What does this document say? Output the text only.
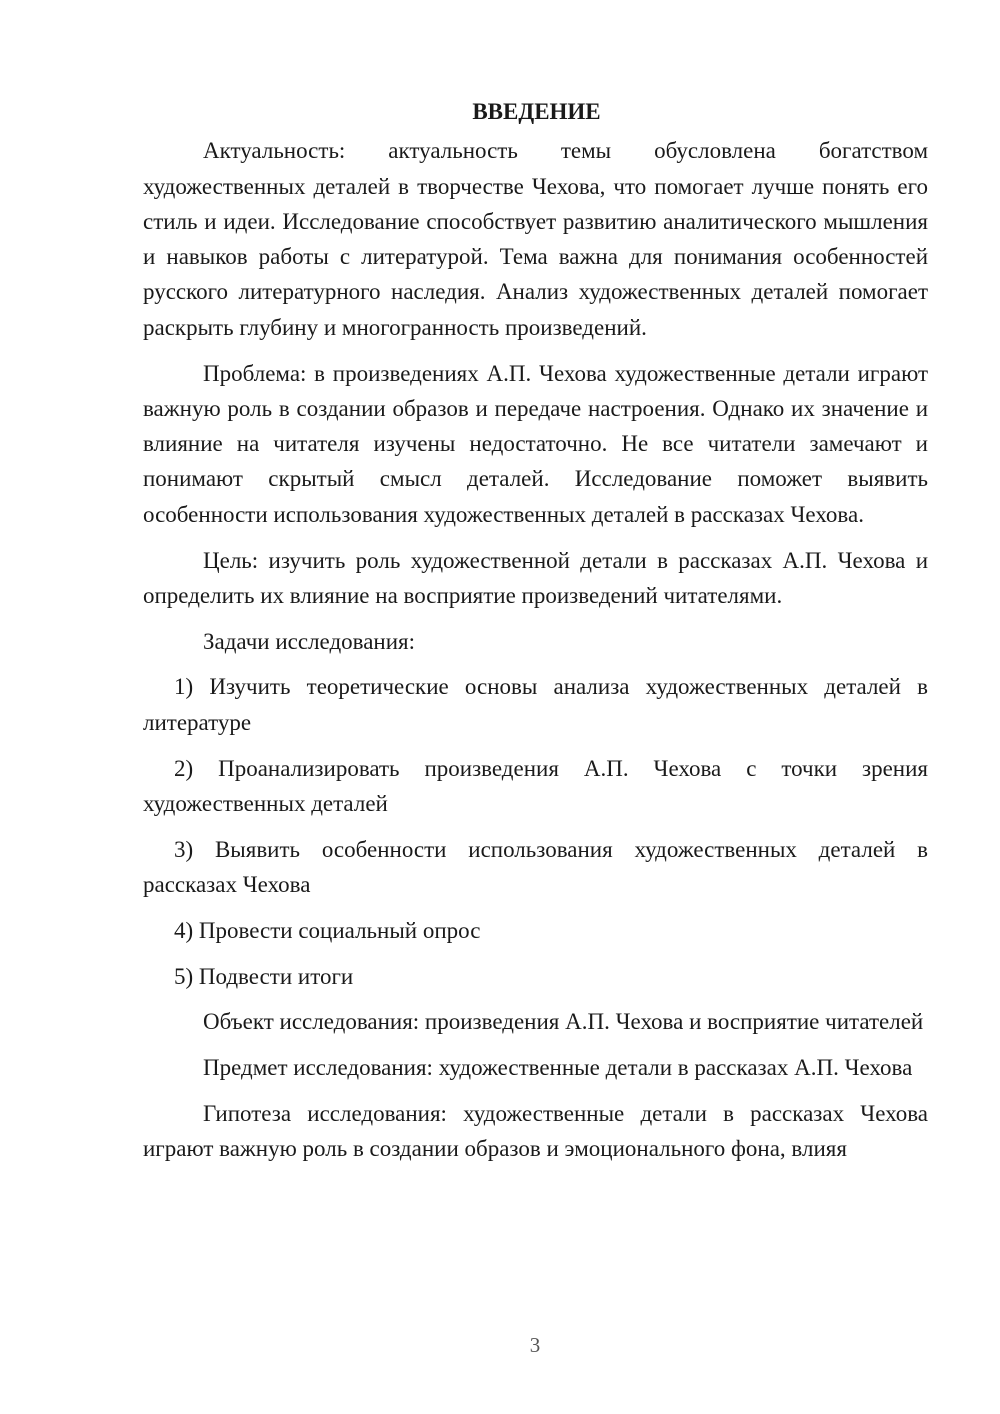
ВВЕДЕНИЕ

Актуальность: актуальность темы обусловлена богатством художественных деталей в творчестве Чехова, что помогает лучше понять его стиль и идеи. Исследование способствует развитию аналитического мышления и навыков работы с литературой. Тема важна для понимания особенностей русского литературного наследия. Анализ художественных деталей помогает раскрыть глубину и многогранность произведений.

Проблема: в произведениях А.П. Чехова художественные детали играют важную роль в создании образов и передаче настроения. Однако их значение и влияние на читателя изучены недостаточно. Не все читатели замечают и понимают скрытый смысл деталей. Исследование поможет выявить особенности использования художественных деталей в рассказах Чехова.

Цель: изучить роль художественной детали в рассказах А.П. Чехова и определить их влияние на восприятие произведений читателями.

Задачи исследования:

1) Изучить теоретические основы анализа художественных деталей в литературе

2) Проанализировать произведения А.П. Чехова с точки зрения художественных деталей

3) Выявить особенности использования художественных деталей в рассказах Чехова

4) Провести социальный опрос

5) Подвести итоги

Объект исследования: произведения А.П. Чехова и восприятие читателей

Предмет исследования: художественные детали в рассказах А.П. Чехова

Гипотеза исследования: художественные детали в рассказах Чехова играют важную роль в создании образов и эмоционального фона, влияя

3
